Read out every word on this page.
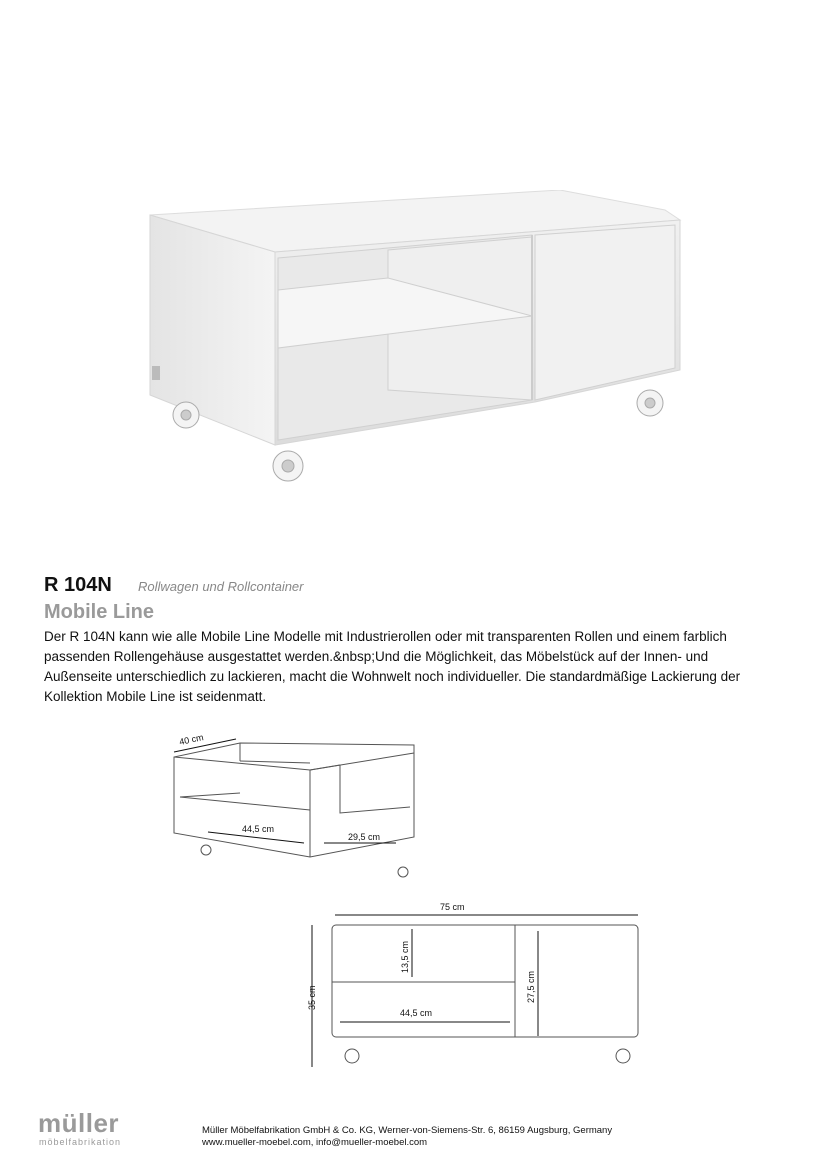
R 104N Rollwagen und Rollcontainer
Mobile Line
Der R 104N kann wie alle Mobile Line Modelle mit Industrierollen oder mit transparenten Rollen und einem farblich passenden Rollengehäuse ausgestattet werden.&nbsp;Und die Möglichkeit, das Möbelstück auf der Innen- und Außenseite unterschiedlich zu lackieren, macht die Wohnwelt noch individueller. Die standardmäßige Lackierung der Kollektion Mobile Line ist seidenmatt.
40 cm
44,5 cm
29,5 cm
75 cm
35 cm
13,5 cm
44,5 cm
27,5 cm
müller
möbelfabrikation
Müller Möbelfabrikation GmbH & Co. KG, Werner-von-Siemens-Str. 6, 86159 Augsburg, Germany
www.mueller-moebel.com, info@mueller-moebel.com
